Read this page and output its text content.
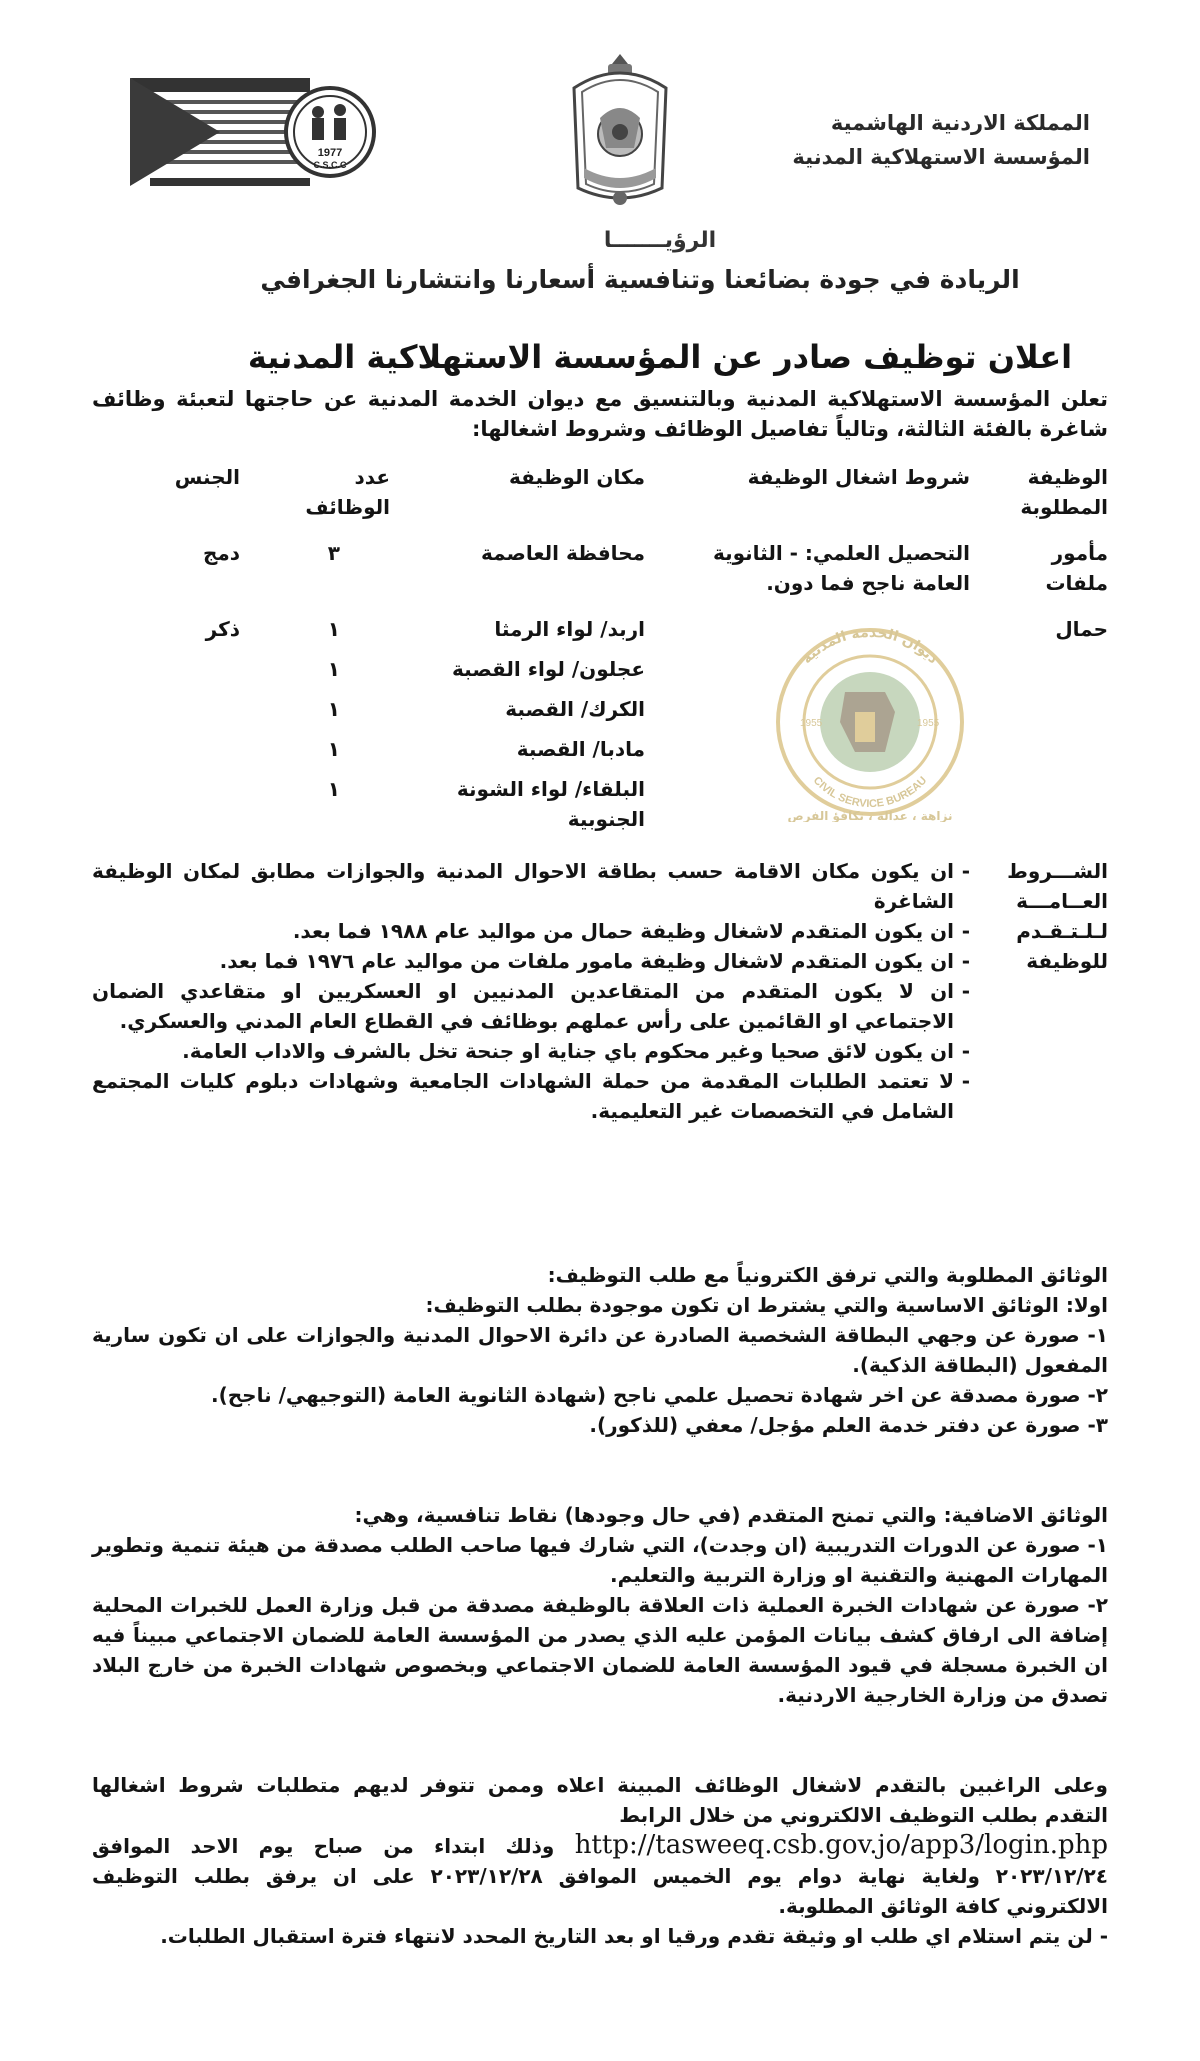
المملكة الاردنية الهاشمية
المؤسسة الاستهلاكية المدنية
1977
C.S.C.C
الرؤيـــــــا
الريادة في جودة بضائعنا وتنافسية أسعارنا وانتشارنا الجغرافي
اعلان توظيف صادر عن المؤسسة الاستهلاكية المدنية
تعلن المؤسسة الاستهلاكية المدنية وبالتنسيق مع ديوان الخدمة المدنية عن حاجتها لتعبئة وظائف شاغرة بالفئة الثالثة، وتالياً تفاصيل الوظائف وشروط اشغالها:
الوظيفة المطلوبة
شروط اشغال الوظيفة
مكان الوظيفة
عدد الوظائف
الجنس
مأمور ملفات
التحصيل العلمي: - الثانوية العامة ناجح فما دون.
محافظة العاصمة
٣
دمج
حمال
اربد/ لواء الرمثا
١
ذكر
عجلون/ لواء القصبة
١
الكرك/ القصبة
١
مادبا/ القصبة
١
البلقاء/ لواء الشونة الجنوبية
١
ديوان الخدمة المدنية
CIVIL SERVICE BUREAU
1955	1955
نزاهة ، عدالة ، تكافؤ الفرص
الشـــروط العــامـــة لـلـتـقـدم للوظيفة
- ان يكون مكان الاقامة حسب بطاقة الاحوال المدنية والجوازات مطابق لمكان الوظيفة الشاغرة
- ان يكون المتقدم لاشغال وظيفة حمال من مواليد عام ١٩٨٨ فما بعد.
- ان يكون المتقدم لاشغال وظيفة مامور ملفات من مواليد عام ١٩٧٦ فما بعد.
- ان لا يكون المتقدم من المتقاعدين المدنيين او العسكريين او متقاعدي الضمان الاجتماعي او القائمين على رأس عملهم بوظائف في القطاع العام المدني والعسكري.
- ان يكون لائق صحيا وغير محكوم باي جناية او جنحة تخل بالشرف والاداب العامة.
- لا تعتمد الطلبات المقدمة من حملة الشهادات الجامعية وشهادات دبلوم كليات المجتمع الشامل في التخصصات غير التعليمية.

الوثائق المطلوبة والتي ترفق الكترونياً مع طلب التوظيف:

اولا: الوثائق الاساسية والتي يشترط ان تكون موجودة بطلب التوظيف:

١- صورة عن وجهي البطاقة الشخصية الصادرة عن دائرة الاحوال المدنية والجوازات على ان تكون سارية المفعول (البطاقة الذكية).

٢- صورة مصدقة عن اخر شهادة تحصيل علمي ناجح (شهادة الثانوية العامة (التوجيهي/ ناجح).

٣- صورة عن دفتر خدمة العلم مؤجل/ معفي (للذكور).

الوثائق الاضافية: والتي تمنح المتقدم (في حال وجودها) نقاط تنافسية، وهي:

١- صورة عن الدورات التدريبية (ان وجدت)، التي شارك فيها صاحب الطلب مصدقة من هيئة تنمية وتطوير المهارات المهنية والتقنية او وزارة التربية والتعليم.

٢- صورة عن شهادات الخبرة العملية ذات العلاقة بالوظيفة مصدقة من قبل وزارة العمل للخبرات المحلية إضافة الى ارفاق كشف بيانات المؤمن عليه الذي يصدر من المؤسسة العامة للضمان الاجتماعي مبيناً فيه ان الخبرة مسجلة في قيود المؤسسة العامة للضمان الاجتماعي وبخصوص شهادات الخبرة من خارج البلاد تصدق من وزارة الخارجية الاردنية.

وعلى الراغبين بالتقدم لاشغال الوظائف المبينة اعلاه وممن تتوفر لديهم متطلبات شروط اشغالها التقدم بطلب التوظيف الالكتروني من خلال الرابط

http://tasweeq.csb.gov.jo/app3/login.php وذلك ابتداء من صباح يوم الاحد الموافق ٢٠٢٣/١٢/٢٤ ولغاية نهاية دوام يوم الخميس الموافق ٢٠٢٣/١٢/٢٨ على ان يرفق بطلب التوظيف الالكتروني كافة الوثائق المطلوبة.

- لن يتم استلام اي طلب او وثيقة تقدم ورقيا او بعد التاريخ المحدد لانتهاء فترة استقبال الطلبات.
